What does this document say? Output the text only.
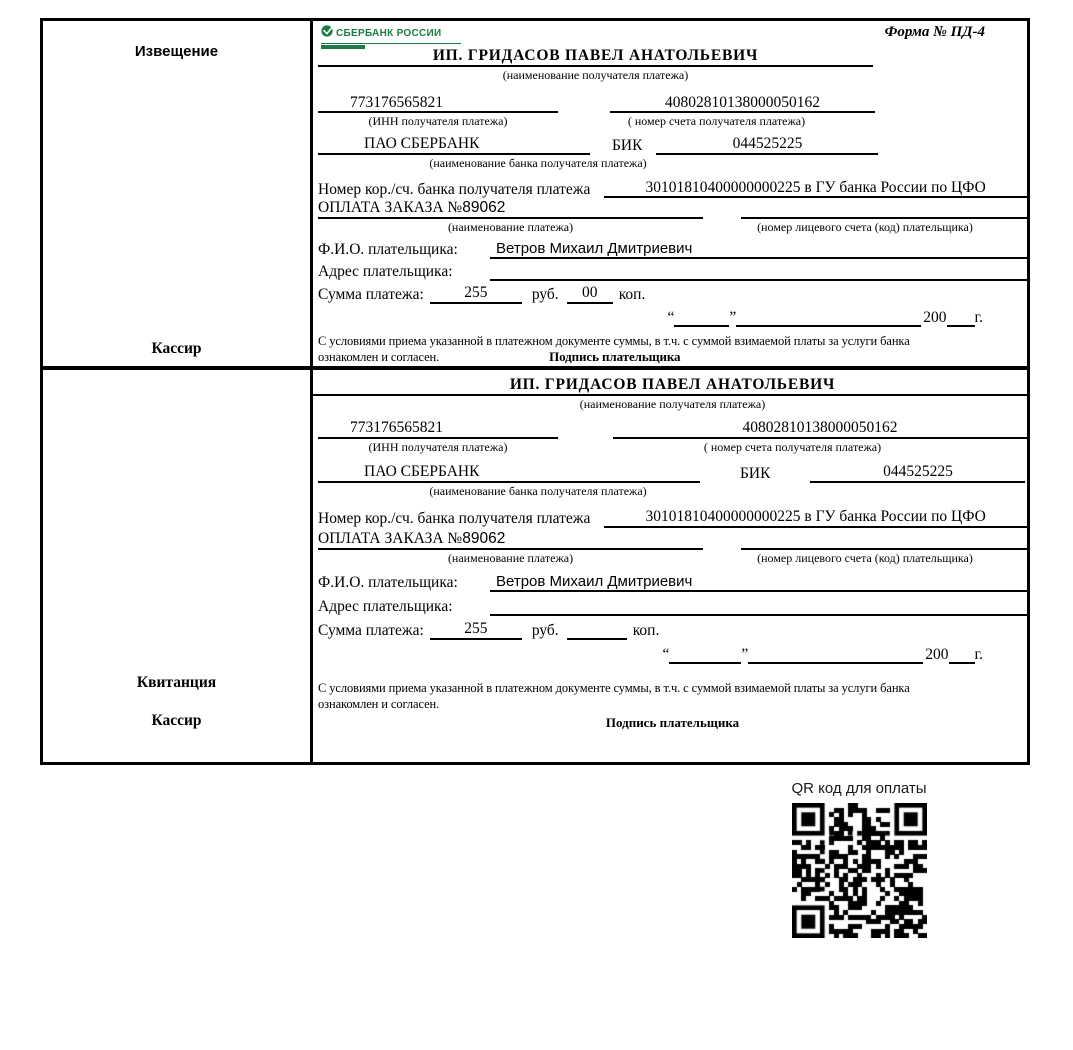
Извещение
Кассир
СБЕРБАНК РОССИИ	Форма № ПД-4
ИП. ГРИДАСОВ ПАВЕЛ АНАТОЛЬЕВИЧ
(наименование получателя платежа)
773176565821	40802810138000050162
(ИНН получателя платежа)	( номер счета получателя платежа)
ПАО СБЕРБАНК	БИК	044525225
(наименование банка получателя платежа)
Номер кор./сч. банка получателя платежа	30101810400000000225 в ГУ банка России по ЦФО
ОПЛАТА ЗАКАЗА №89062
(наименование платежа)	(номер лицевого счета (код) плательщика)
Ф.И.О. плательщика:	Ветров Михаил Дмитриевич
Адрес плательщика:
Сумма платежа:	255	руб.	00	коп.
“	”	200 г.
С условиями приема указанной в платежном документе суммы, в т.ч. с суммой взимаемой платы за услуги банка
ознакомлен и согласен.	Подпись плательщика
Квитанция
Кассир
ИП. ГРИДАСОВ ПАВЕЛ АНАТОЛЬЕВИЧ
(наименование получателя платежа)
773176565821	40802810138000050162
(ИНН получателя платежа)	( номер счета получателя платежа)
ПАО СБЕРБАНК	БИК	044525225
(наименование банка получателя платежа)
Номер кор./сч. банка получателя платежа	30101810400000000225 в ГУ банка России по ЦФО
ОПЛАТА ЗАКАЗА №89062
(наименование платежа)	(номер лицевого счета (код) плательщика)
Ф.И.О. плательщика:	Ветров Михаил Дмитриевич
Адрес плательщика:
Сумма платежа:	255	руб.	коп.
“	”	200 г.
С условиями приема указанной в платежном документе суммы, в т.ч. с суммой взимаемой платы за услуги банка
ознакомлен и согласен.
Подпись плательщика
QR код для оплаты
